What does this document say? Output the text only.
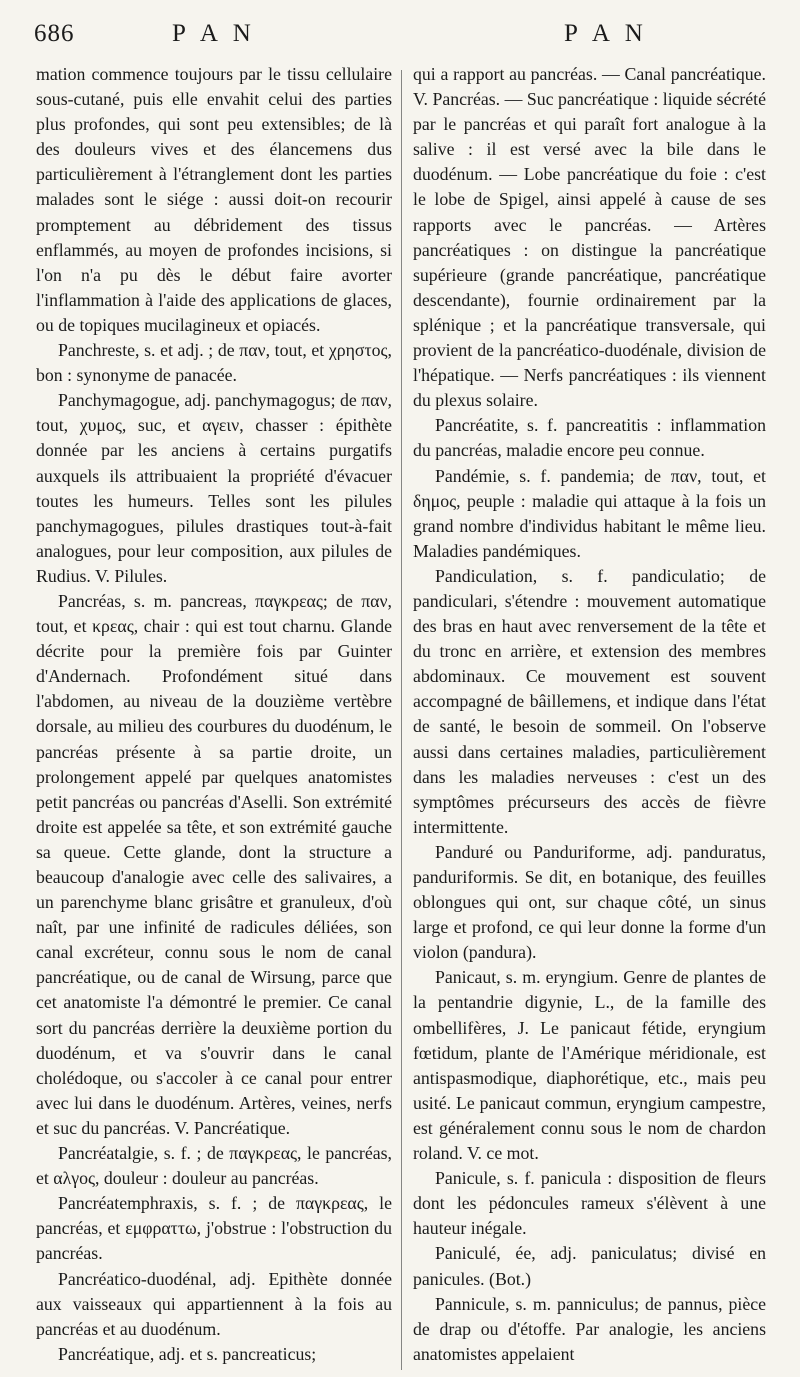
686	P A N	P A N

mation commence toujours par le tissu cellulaire sous-cutané, puis elle envahit celui des parties plus profondes, qui sont peu extensibles; de là des douleurs vives et des élancemens dus particulièrement à l'étranglement dont les parties malades sont le siége : aussi doit-on recourir promptement au débridement des tissus enflammés, au moyen de profondes incisions, si l'on n'a pu dès le début faire avorter l'inflammation à l'aide des applications de glaces, ou de topiques mucilagineux et opiacés.

Panchreste, s. et adj. ; de παν, tout, et χρηστος, bon : synonyme de panacée.

Panchymagogue, adj. panchymagogus; de παν, tout, χυμος, suc, et αγειν, chasser : épithète donnée par les anciens à certains purgatifs auxquels ils attribuaient la propriété d'évacuer toutes les humeurs. Telles sont les pilules panchymagogues, pilules drastiques tout-à-fait analogues, pour leur composition, aux pilules de Rudius. V. Pilules.

Pancréas, s. m. pancreas, παγκρεας; de παν, tout, et κρεας, chair : qui est tout charnu. Glande décrite pour la première fois par Guinter d'Andernach. Profondément situé dans l'abdomen, au niveau de la douzième vertèbre dorsale, au milieu des courbures du duodénum, le pancréas présente à sa partie droite, un prolongement appelé par quelques anatomistes petit pancréas ou pancréas d'Aselli. Son extrémité droite est appelée sa tête, et son extrémité gauche sa queue. Cette glande, dont la structure a beaucoup d'analogie avec celle des salivaires, a un parenchyme blanc grisâtre et granuleux, d'où naît, par une infinité de radicules déliées, son canal excréteur, connu sous le nom de canal pancréatique, ou de canal de Wirsung, parce que cet anatomiste l'a démontré le premier. Ce canal sort du pancréas derrière la deuxième portion du duodénum, et va s'ouvrir dans le canal cholédoque, ou s'accoler à ce canal pour entrer avec lui dans le duodénum. Artères, veines, nerfs et suc du pancréas. V. Pancréatique.

Pancréatalgie, s. f. ; de παγκρεας, le pancréas, et αλγος, douleur : douleur au pancréas.

Pancréatemphraxis, s. f. ; de παγκρεας, le pancréas, et εμφραττω, j'obstrue : l'obstruction du pancréas.

Pancréatico-duodénal, adj. Epithète donnée aux vaisseaux qui appartiennent à la fois au pancréas et au duodénum.

Pancréatique, adj. et s. pancreaticus;

qui a rapport au pancréas. — Canal pancréatique. V. Pancréas. — Suc pancréatique : liquide sécrété par le pancréas et qui paraît fort analogue à la salive : il est versé avec la bile dans le duodénum. — Lobe pancréatique du foie : c'est le lobe de Spigel, ainsi appelé à cause de ses rapports avec le pancréas. — Artères pancréatiques : on distingue la pancréatique supérieure (grande pancréatique, pancréatique descendante), fournie ordinairement par la splénique ; et la pancréatique transversale, qui provient de la pancréatico-duodénale, division de l'hépatique. — Nerfs pancréatiques : ils viennent du plexus solaire.

Pancréatite, s. f. pancreatitis : inflammation du pancréas, maladie encore peu connue.

Pandémie, s. f. pandemia; de παν, tout, et δημος, peuple : maladie qui attaque à la fois un grand nombre d'individus habitant le même lieu. Maladies pandémiques.

Pandiculation, s. f. pandiculatio; de pandiculari, s'étendre : mouvement automatique des bras en haut avec renversement de la tête et du tronc en arrière, et extension des membres abdominaux. Ce mouvement est souvent accompagné de bâillemens, et indique dans l'état de santé, le besoin de sommeil. On l'observe aussi dans certaines maladies, particulièrement dans les maladies nerveuses : c'est un des symptômes précurseurs des accès de fièvre intermittente.

Panduré ou Panduriforme, adj. panduratus, panduriformis. Se dit, en botanique, des feuilles oblongues qui ont, sur chaque côté, un sinus large et profond, ce qui leur donne la forme d'un violon (pandura).

Panicaut, s. m. eryngium. Genre de plantes de la pentandrie digynie, L., de la famille des ombellifères, J. Le panicaut fétide, eryngium fœtidum, plante de l'Amérique méridionale, est antispasmodique, diaphorétique, etc., mais peu usité. Le panicaut commun, eryngium campestre, est généralement connu sous le nom de chardon roland. V. ce mot.

Panicule, s. f. panicula : disposition de fleurs dont les pédoncules rameux s'élèvent à une hauteur inégale.

Paniculé, ée, adj. paniculatus; divisé en panicules. (Bot.)

Pannicule, s. m. panniculus; de pannus, pièce de drap ou d'étoffe. Par analogie, les anciens anatomistes appelaient
